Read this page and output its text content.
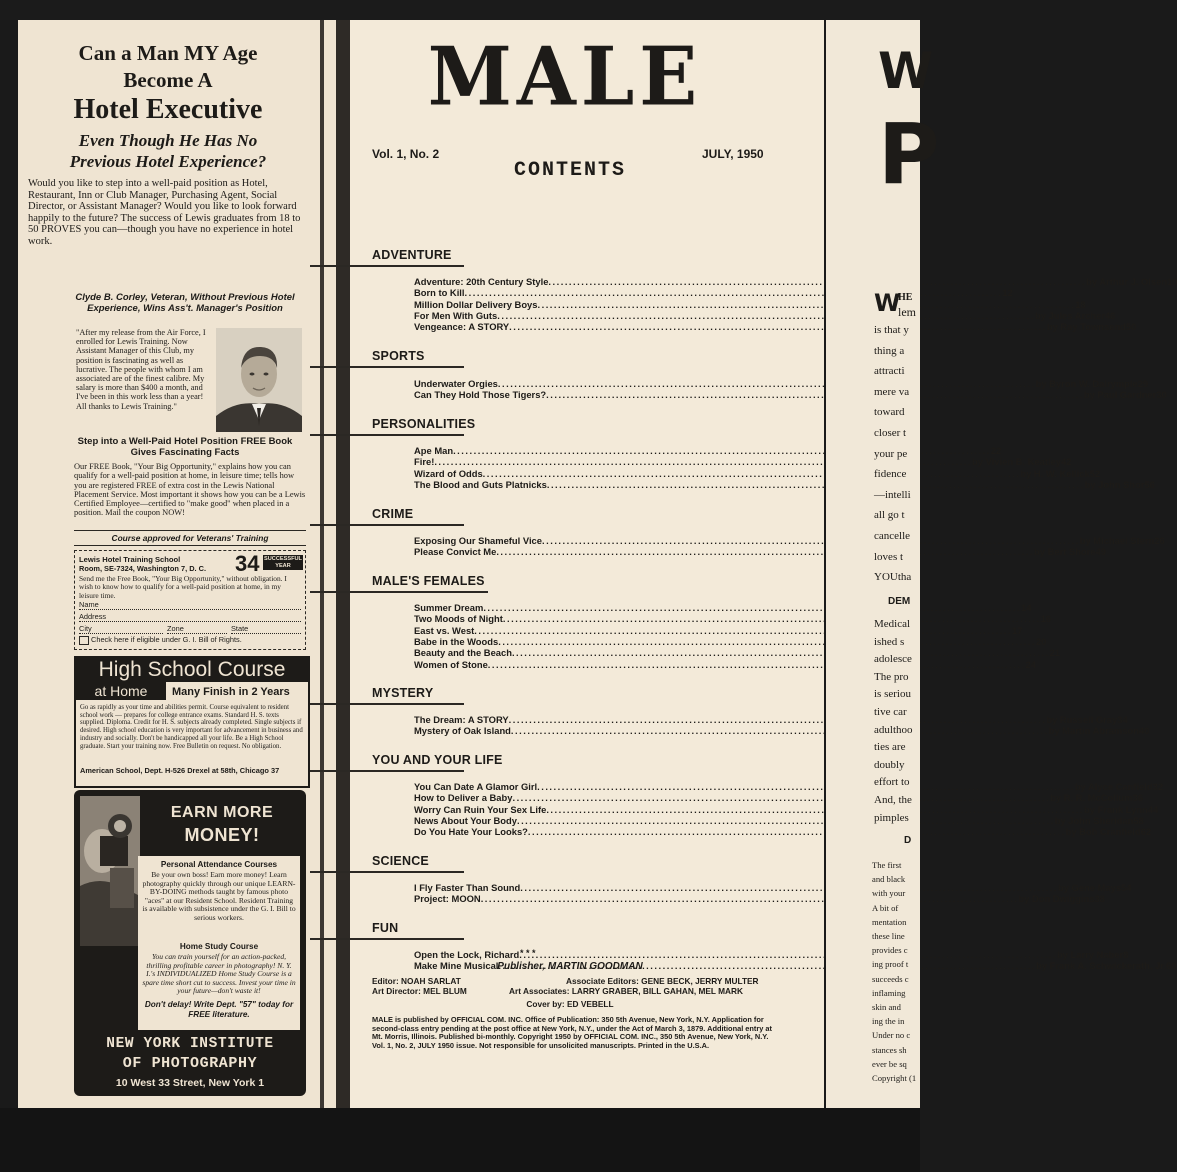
Can a Man MY Age
Become A
Hotel Executive
Even Though He Has No
Previous Hotel Experience?
Would you like to step into a well-paid position as Hotel, Restaurant, Inn or Club Manager, Purchasing Agent, Social Director, or Assistant Manager? Would you like to look forward happily to the future? The success of Lewis graduates from 18 to 50 PROVES you can—though you have no experience in hotel work.
Clyde B. Corley, Veteran, Without Previous Hotel Experience, Wins Ass't. Manager's Position
"After my release from the Air Force, I enrolled for Lewis Training. Now Assistant Manager of this Club, my position is fascinating as well as lucrative. The people with whom I am associated are of the finest calibre. My salary is more than $400 a month, and I've been in this work less than a year! All thanks to Lewis Training."
Step into a Well-Paid Hotel Position FREE Book Gives Fascinating Facts
Our FREE Book, "Your Big Opportunity," explains how you can qualify for a well-paid position at home, in leisure time; tells how you are registered FREE of extra cost in the Lewis National Placement Service. Most important it shows how you can be a Lewis Certified Employee—certified to "make good" when placed in a position. Mail the coupon NOW!
Course approved for Veterans' Training
Lewis Hotel Training School
Room, SE-7324, Washington 7, D. C.	34 SUCCESSFUL YEAR
Send me the Free Book, "Your Big Opportunity," without obligation. I wish to know how to qualify for a well-paid position at home, in my leisure time.
Name
Address
City	Zone	State
Check here if eligible under G. I. Bill of Rights.
High School Course
at Home	Many Finish in 2 Years
Go as rapidly as your time and abilities permit. Course equivalent to resident school work — prepares for college entrance exams. Standard H. S. texts supplied. Diploma. Credit for H. S. subjects already completed. Single subjects if desired. High school education is very important for advancement in business and industry and socially. Don't be handicapped all your life. Be a High School graduate. Start your training now. Free Bulletin on request. No obligation.
American School, Dept. H-526 Drexel at 58th, Chicago 37
EARN MORE
MONEY!
Personal Attendance Courses
Be your own boss! Earn more money! Learn photography quickly through our unique LEARN-BY-DOING methods taught by famous photo "aces" at our Resident School. Resident Training is available with subsistence under the G. I. Bill to serious workers.
Home Study Course
You can train yourself for an action-packed, thrilling profitable career in photography! N. Y. I.'s INDIVIDUALIZED Home Study Course is a spare time short cut to success. Invest your time in your future—don't waste it!
Don't delay! Write Dept. "57" today for FREE literature.
NEW YORK INSTITUTE
OF PHOTOGRAPHY
10 West 33 Street, New York 1
MALE
Vol. 1, No. 2	JULY, 1950
CONTENTS
ADVENTURE
Adventure: 20th Century Style .....	by Arthur J. Olsen 10
Born to Kill .....	12
Million Dollar Delivery Boys .....	18
For Men With Guts .....	by Jules Archer 46
Vengeance: A STORY .....	by Ray Townsend 50
SPORTS
Underwater Orgies .....	by Byron W. Dalrymple 29
Can They Hold Those Tigers? .....	by Paul Gardner 30
PERSONALITIES
Ape Man .....	22
Fire! .....	by Vivien B. Keatley 42
Wizard of Odds .....	by H. W. Kellick 52
The Blood and Guts Platnicks .....	by John Shor 56
CRIME
Exposing Our Shameful Vice .....	by Michael Stern 26
Please Convict Me .....	by Bert Shore 49
MALE'S FEMALES
Summer Dream .....	14
Two Moods of Night .....	16
East vs. West .....	17
Babe in the Woods .....	20
Beauty and the Beach .....	21
Women of Stone .....	24
MYSTERY
The Dream: A STORY .....	by Russell Gray 34
Mystery of Oak Island .....	by Martin Abramson 40
YOU AND YOUR LIFE
You Can Date A Glamor Girl .....	by Alyce Canfield 32
How to Deliver a Baby .....	by R. R. McCollum 36
Worry Can Ruin Your Sex Life .....	by Frank Lynn 44
News About Your Body .....	by John Sheridan 58
Do You Hate Your Looks? .....	by Bob Cranfield 62
SCIENCE
I Fly Faster Than Sound .....	by Gene Mays 54
Project: MOON .....	by Don Dwiggins 38
FUN
Open the Lock, Richard .....	by Larry Naber 8
Make Mine Musical .....	by Frank A. Schwickerath, Jr. 60
* * *
Publisher, MARTIN GOODMAN
Editor: NOAH SARLAT	Associate Editors: GENE BECK, JERRY MULTER
Art Director: MEL BLUM	Art Associates: LARRY GRABER, BILL GAHAN, MEL MARK
Cover by: ED VEBELL
MALE is published by OFFICIAL COM. INC. Office of Publication: 350 5th Avenue, New York, N.Y. Application for second-class entry pending at the post office at New York, N.Y., under the Act of March 3, 1879. Additional entry at Mt. Morris, Illinois. Published bi-monthly. Copyright 1950 by OFFICIAL COM. INC., 350 5th Avenue, New York, N.Y. Vol. 1, No. 2, JULY 1950 issue. Not responsible for unsolicited manuscripts. Printed in the U.S.A.
W
P
W
HE
lem
is that y
thing a
attracti
mere va
toward
closer t
your pe
fidence
—intelli
all go t
cancelle
loves t
YOUtha
DEM
Medical
ished s
adolesce
The pro
is seriou
tive car
adulthoo
ties are
doubly
effort to
And, the
pimples
D
The first
and black
with your
A bit of
mentation
these line
provides c
ing proof t
succeeds c
inflaming
skin and
ing the in
Under no c
stances sh
ever be sq
Copyright (1
